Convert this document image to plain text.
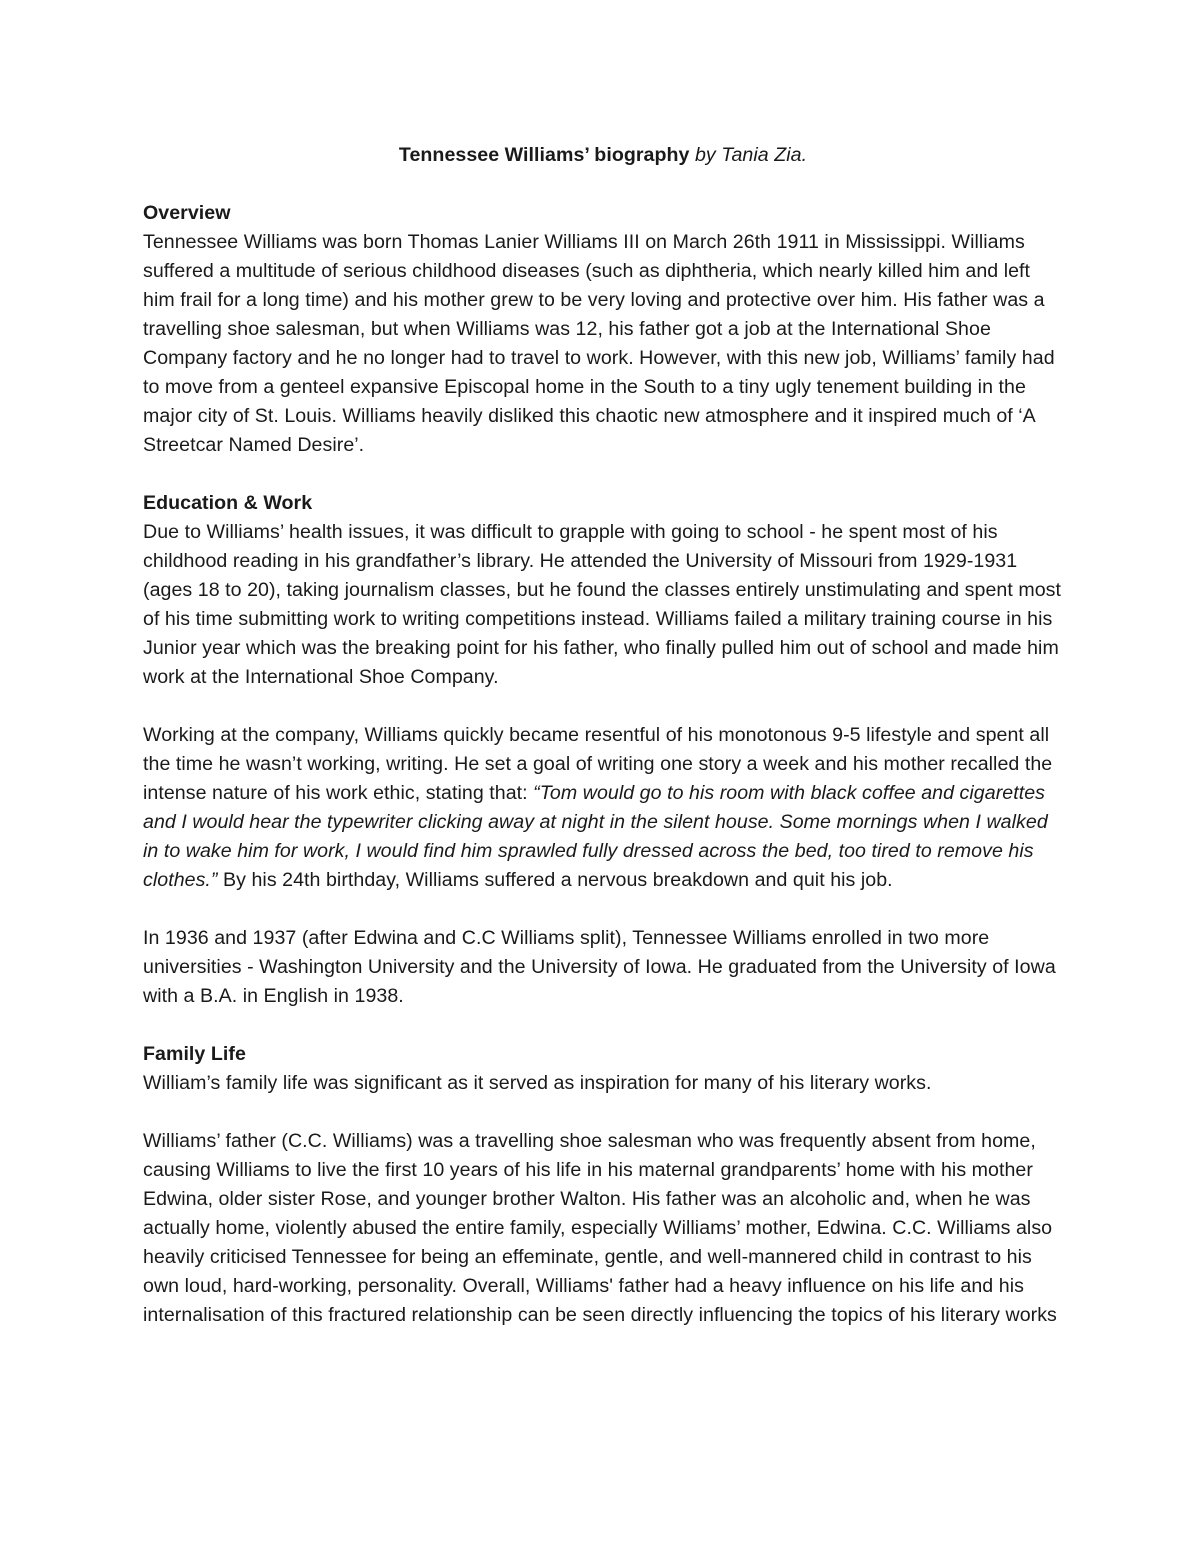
Tennessee Williams’ biography by Tania Zia.
Overview

Tennessee Williams was born Thomas Lanier Williams III on March 26th 1911 in Mississippi. Williams suffered a multitude of serious childhood diseases (such as diphtheria, which nearly killed him and left him frail for a long time) and his mother grew to be very loving and protective over him. His father was a travelling shoe salesman, but when Williams was 12, his father got a job at the International Shoe Company factory and he no longer had to travel to work. However, with this new job, Williams’ family had to move from a genteel expansive Episcopal home in the South to a tiny ugly tenement building in the major city of St. Louis. Williams heavily disliked this chaotic new atmosphere and it inspired much of ‘A Streetcar Named Desire’.

Education & Work

Due to Williams’ health issues, it was difficult to grapple with going to school - he spent most of his childhood reading in his grandfather’s library. He attended the University of Missouri from 1929-1931 (ages 18 to 20), taking journalism classes, but he found the classes entirely unstimulating and spent most of his time submitting work to writing competitions instead. Williams failed a military training course in his Junior year which was the breaking point for his father, who finally pulled him out of school and made him work at the International Shoe Company.

Working at the company, Williams quickly became resentful of his monotonous 9-5 lifestyle and spent all the time he wasn’t working, writing. He set a goal of writing one story a week and his mother recalled the intense nature of his work ethic, stating that: “Tom would go to his room with black coffee and cigarettes and I would hear the typewriter clicking away at night in the silent house. Some mornings when I walked in to wake him for work, I would find him sprawled fully dressed across the bed, too tired to remove his clothes.” By his 24th birthday, Williams suffered a nervous breakdown and quit his job.

In 1936 and 1937 (after Edwina and C.C Williams split), Tennessee Williams enrolled in two more universities - Washington University and the University of Iowa. He graduated from the University of Iowa with a B.A. in English in 1938.

Family Life

William’s family life was significant as it served as inspiration for many of his literary works.

Williams’ father (C.C. Williams) was a travelling shoe salesman who was frequently absent from home, causing Williams to live the first 10 years of his life in his maternal grandparents’ home with his mother Edwina, older sister Rose, and younger brother Walton. His father was an alcoholic and, when he was actually home, violently abused the entire family, especially Williams’ mother, Edwina. C.C. Williams also heavily criticised Tennessee for being an effeminate, gentle, and well-mannered child in contrast to his own loud, hard-working, personality. Overall, Williams' father had a heavy influence on his life and his internalisation of this fractured relationship can be seen directly influencing the topics of his literary works
